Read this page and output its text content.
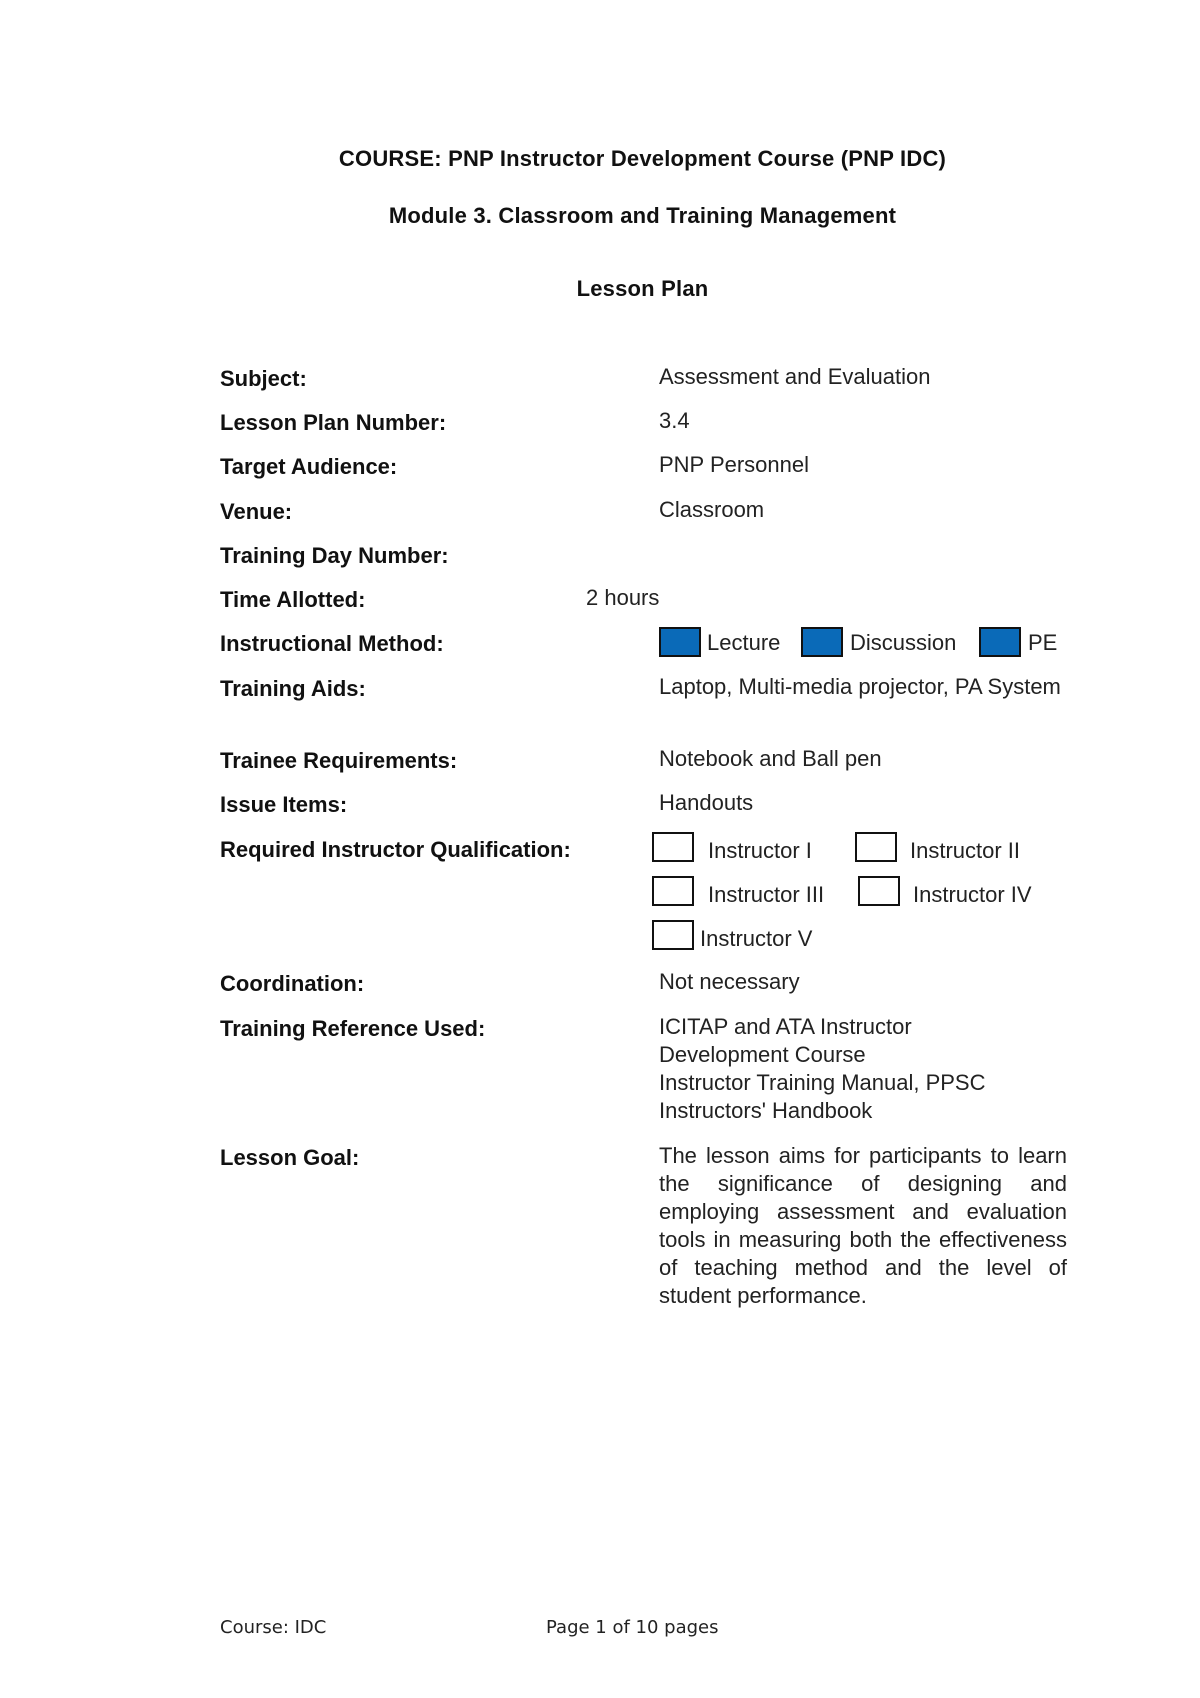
COURSE: PNP Instructor Development Course (PNP IDC)
Module 3. Classroom and Training Management
Lesson Plan
Subject:	Assessment and Evaluation
Lesson Plan Number:	3.4
Target Audience:	PNP Personnel
Venue:	Classroom
Training Day Number:
Time Allotted:	2 hours
Instructional Method:	Lecture	Discussion	PE
Training Aids:	Laptop, Multi-media projector, PA System
Trainee Requirements:	Notebook and Ball pen
Issue Items:	Handouts
Required Instructor Qualification:	Instructor I	Instructor II
Instructor III	Instructor IV
Instructor V
Coordination:	Not necessary
Training Reference Used:	ICITAP and ATA Instructor
Development Course
Instructor Training Manual, PPSC
Instructors' Handbook
Lesson Goal:	The lesson aims for participants to learn the significance of designing and employing assessment and evaluation tools in measuring both the effectiveness of teaching method and the level of student performance.
Course: IDC	Page 1 of 10 pages
